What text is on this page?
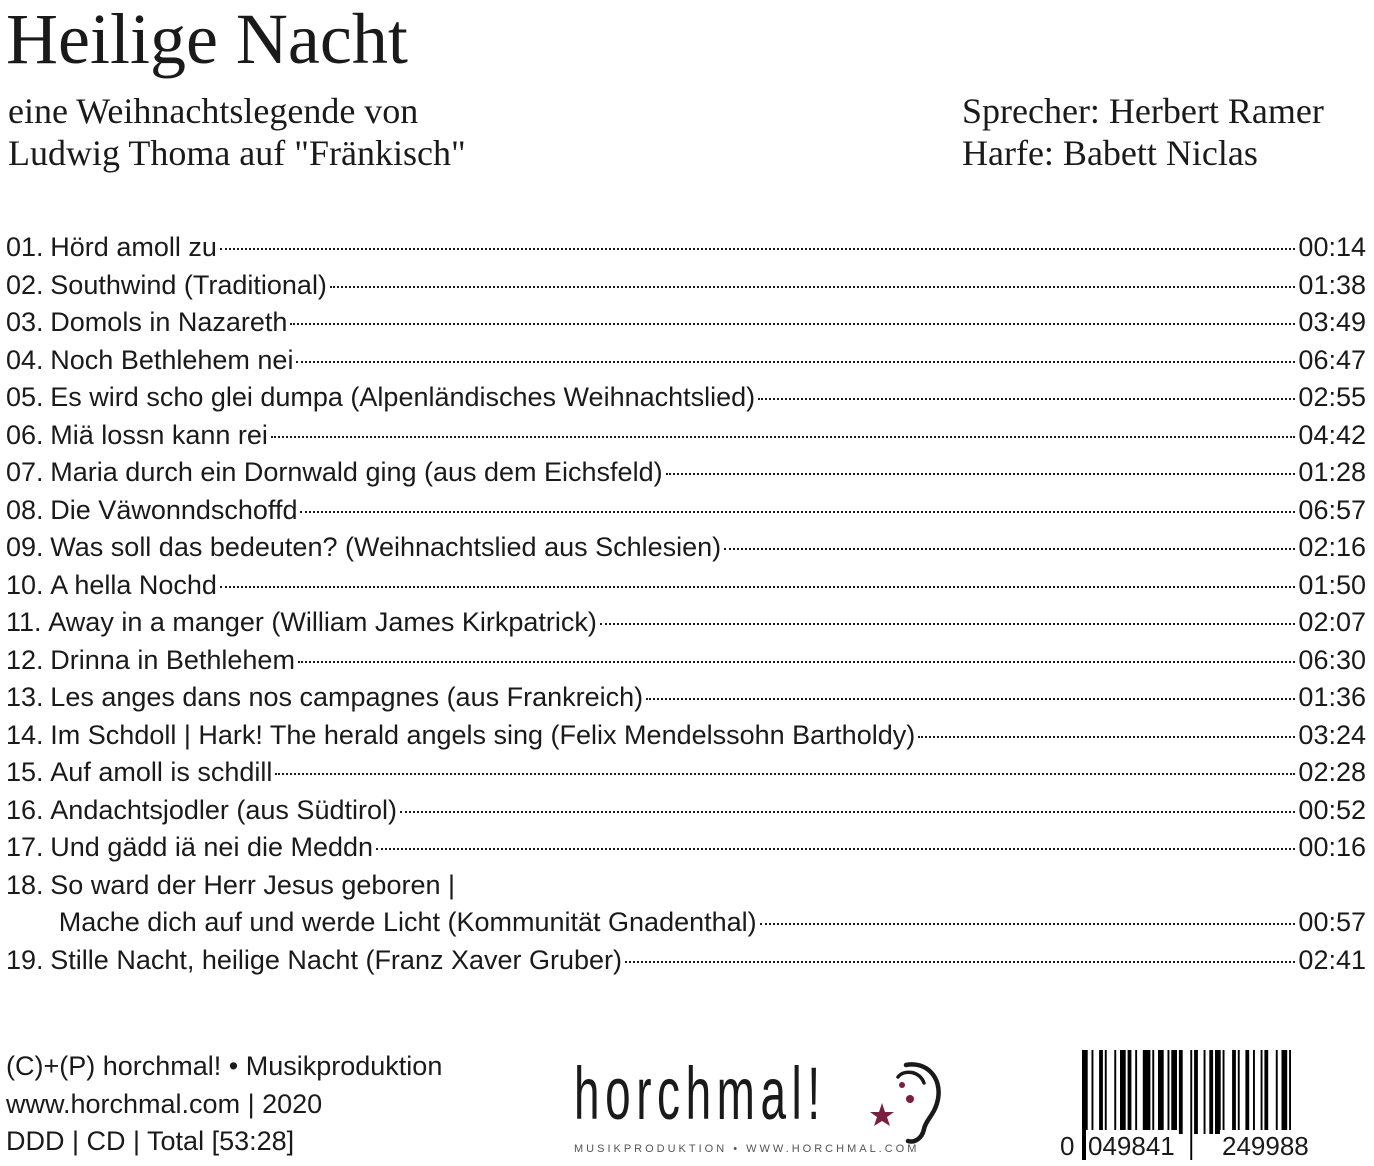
Heilige Nacht
eine Weihnachtslegende von
Ludwig Thoma auf "Fränkisch"
Sprecher: Herbert Ramer
Harfe: Babett Niclas
01. Hörd amoll zu	00:14
02. Southwind (Traditional)	01:38
03. Domols in Nazareth	03:49
04. Noch Bethlehem nei	06:47
05. Es wird scho glei dumpa (Alpenländisches Weihnachtslied)	02:55
06. Miä lossn kann rei	04:42
07. Maria durch ein Dornwald ging (aus dem Eichsfeld)	01:28
08. Die Väwonndschoffd	06:57
09. Was soll das bedeuten? (Weihnachtslied aus Schlesien)	02:16
10. A hella Nochd	01:50
11. Away in a manger (William James Kirkpatrick)	02:07
12. Drinna in Bethlehem	06:30
13. Les anges dans nos campagnes (aus Frankreich)	01:36
14. Im Schdoll | Hark! The herald angels sing (Felix Mendelssohn Bartholdy)	03:24
15. Auf amoll is schdill	02:28
16. Andachtsjodler (aus Südtirol)	00:52
17. Und gädd iä nei die Meddn	00:16
18. So ward der Herr Jesus geboren |
Mache dich auf und werde Licht (Kommunität Gnadenthal)	00:57
19. Stille Nacht, heilige Nacht (Franz Xaver Gruber)	02:41
(C)+(P) horchmal! • Musikproduktion
www.horchmal.com | 2020
DDD | CD | Total [53:28]
horchmal!
MUSIKPRODUKTION • WWW.HORCHMAL.COM	0 049841 249988
